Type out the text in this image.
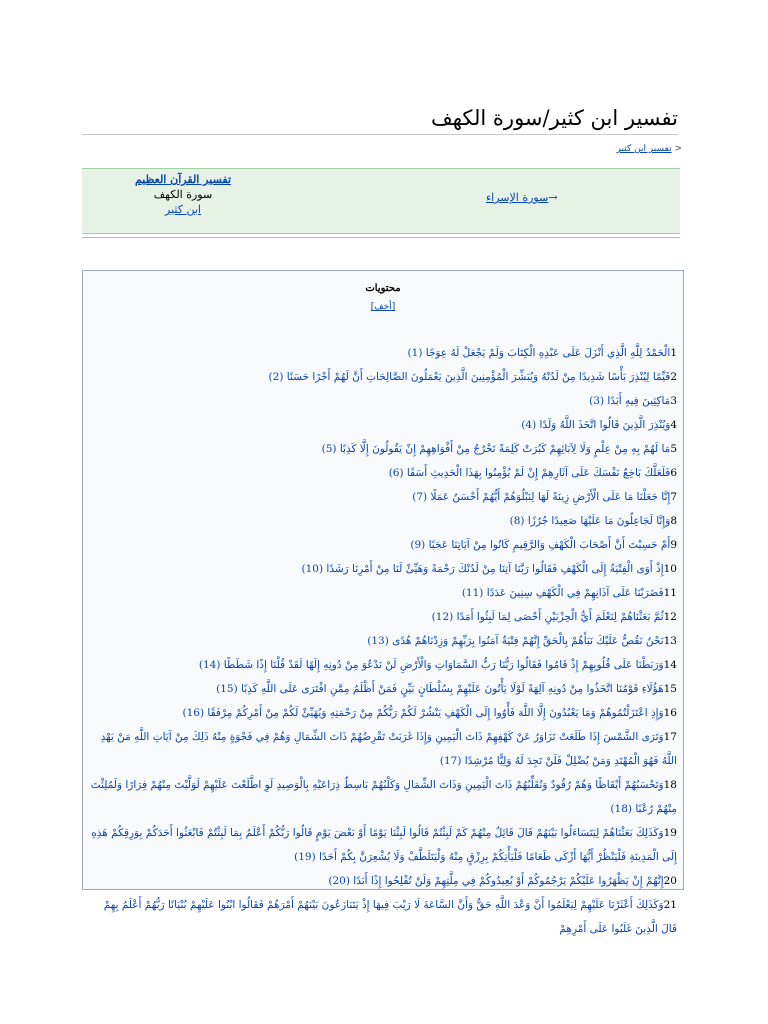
تفسير ابن كثير/سورة الكهف
< تفسير ابن كثير
تفسير القرآن العظيم
سورة الكهف
ابن كثير
→سورة الإسراء
محتويات
[أخف]
1الْحَمْدُ لِلَّهِ الَّذِي أَنْزَلَ عَلَى عَبْدِهِ الْكِتَابَ وَلَمْ يَجْعَلْ لَهُ عِوَجًا (1)
2قَيِّمًا لِيُنْذِرَ بَأْسًا شَدِيدًا مِنْ لَدُنْهُ وَيُبَشِّرَ الْمُؤْمِنِينَ الَّذِينَ يَعْمَلُونَ الصَّالِحَاتِ أَنَّ لَهُمْ أَجْرًا حَسَنًا (2)
3مَاكِثِينَ فِيهِ أَبَدًا (3)
4وَيُنْذِرَ الَّذِينَ قَالُوا اتَّخَذَ اللَّهُ وَلَدًا (4)
5مَا لَهُمْ بِهِ مِنْ عِلْمٍ وَلَا لِآبَائِهِمْ كَبُرَتْ كَلِمَةً تَخْرُجُ مِنْ أَفْوَاهِهِمْ إِنْ يَقُولُونَ إِلَّا كَذِبًا (5)
6فَلَعَلَّكَ بَاخِعٌ نَفْسَكَ عَلَى آثَارِهِمْ إِنْ لَمْ يُؤْمِنُوا بِهَذَا الْحَدِيثِ أَسَفًا (6)
7إِنَّا جَعَلْنَا مَا عَلَى الْأَرْضِ زِينَةً لَهَا لِنَبْلُوَهُمْ أَيُّهُمْ أَحْسَنُ عَمَلًا (7)
8وَإِنَّا لَجَاعِلُونَ مَا عَلَيْهَا صَعِيدًا جُرُزًا (8)
9أَمْ حَسِبْتَ أَنَّ أَصْحَابَ الْكَهْفِ وَالرَّقِيمِ كَانُوا مِنْ آيَاتِنَا عَجَبًا (9)
10إِذْ أَوَى الْفِتْيَةُ إِلَى الْكَهْفِ فَقَالُوا رَبَّنَا آتِنَا مِنْ لَدُنْكَ رَحْمَةً وَهَيِّئْ لَنَا مِنْ أَمْرِنَا رَشَدًا (10)
11فَضَرَبْنَا عَلَى آذَانِهِمْ فِي الْكَهْفِ سِنِينَ عَدَدًا (11)
12ثُمَّ بَعَثْنَاهُمْ لِنَعْلَمَ أَيُّ الْحِزْبَيْنِ أَحْصَى لِمَا لَبِثُوا أَمَدًا (12)
13نَحْنُ نَقُصُّ عَلَيْكَ نَبَأَهُمْ بِالْحَقِّ إِنَّهُمْ فِتْيَةٌ آمَنُوا بِرَبِّهِمْ وَزِدْنَاهُمْ هُدًى (13)
14وَرَبَطْنَا عَلَى قُلُوبِهِمْ إِذْ قَامُوا فَقَالُوا رَبُّنَا رَبُّ السَّمَاوَاتِ وَالْأَرْضِ لَنْ نَدْعُوَ مِنْ دُونِهِ إِلَهًا لَقَدْ قُلْنَا إِذًا شَطَطًا (14)
15هَؤُلَاءِ قَوْمُنَا اتَّخَذُوا مِنْ دُونِهِ آلِهَةً لَوْلَا يَأْتُونَ عَلَيْهِمْ بِسُلْطَانٍ بَيِّنٍ فَمَنْ أَظْلَمُ مِمَّنِ افْتَرَى عَلَى اللَّهِ كَذِبًا (15)
16وَإِذِ اعْتَزَلْتُمُوهُمْ وَمَا يَعْبُدُونَ إِلَّا اللَّهَ فَأْوُوا إِلَى الْكَهْفِ يَنْشُرْ لَكُمْ رَبُّكُمْ مِنْ رَحْمَتِهِ وَيُهَيِّئْ لَكُمْ مِنْ أَمْرِكُمْ مِرْفَقًا (16)
17وَتَرَى الشَّمْسَ إِذَا طَلَعَتْ تَزَاوَرُ عَنْ كَهْفِهِمْ ذَاتَ الْيَمِينِ وَإِذَا غَرَبَتْ تَقْرِضُهُمْ ذَاتَ الشِّمَالِ وَهُمْ فِي فَجْوَةٍ مِنْهُ ذَلِكَ مِنْ آيَاتِ اللَّهِ مَنْ يَهْدِ اللَّهُ فَهُوَ الْمُهْتَدِ وَمَنْ يُضْلِلْ فَلَنْ تَجِدَ لَهُ وَلِيًّا مُرْشِدًا (17)
18وَتَحْسَبُهُمْ أَيْقَاظًا وَهُمْ رُقُودٌ وَنُقَلِّبُهُمْ ذَاتَ الْيَمِينِ وَذَاتَ الشِّمَالِ وَكَلْبُهُمْ بَاسِطٌ ذِرَاعَيْهِ بِالْوَصِيدِ لَوِ اطَّلَعْتَ عَلَيْهِمْ لَوَلَّيْتَ مِنْهُمْ فِرَارًا وَلَمُلِئْتَ مِنْهُمْ رُعْبًا (18)
19وَكَذَلِكَ بَعَثْنَاهُمْ لِيَتَسَاءَلُوا بَيْنَهُمْ قَالَ قَائِلٌ مِنْهُمْ كَمْ لَبِثْتُمْ قَالُوا لَبِثْنَا يَوْمًا أَوْ بَعْضَ يَوْمٍ قَالُوا رَبُّكُمْ أَعْلَمُ بِمَا لَبِثْتُمْ فَابْعَثُوا أَحَدَكُمْ بِوَرِقِكُمْ هَذِهِ إِلَى الْمَدِينَةِ فَلْيَنْظُرْ أَيُّهَا أَزْكَى طَعَامًا فَلْيَأْتِكُمْ بِرِزْقٍ مِنْهُ وَلْيَتَلَطَّفْ وَلَا يُشْعِرَنَّ بِكُمْ أَحَدًا (19)
20إِنَّهُمْ إِنْ يَظْهَرُوا عَلَيْكُمْ يَرْجُمُوكُمْ أَوْ يُعِيدُوكُمْ فِي مِلَّتِهِمْ وَلَنْ تُفْلِحُوا إِذًا أَبَدًا (20)
21وَكَذَلِكَ أَعْثَرْنَا عَلَيْهِمْ لِيَعْلَمُوا أَنَّ وَعْدَ اللَّهِ حَقٌّ وَأَنَّ السَّاعَةَ لَا رَيْبَ فِيهَا إِذْ يَتَنَازَعُونَ بَيْنَهُمْ أَمْرَهُمْ فَقَالُوا ابْنُوا عَلَيْهِمْ بُنْيَانًا رَبُّهُمْ أَعْلَمُ بِهِمْ قَالَ الَّذِينَ غَلَبُوا عَلَى أَمْرِهِمْ
